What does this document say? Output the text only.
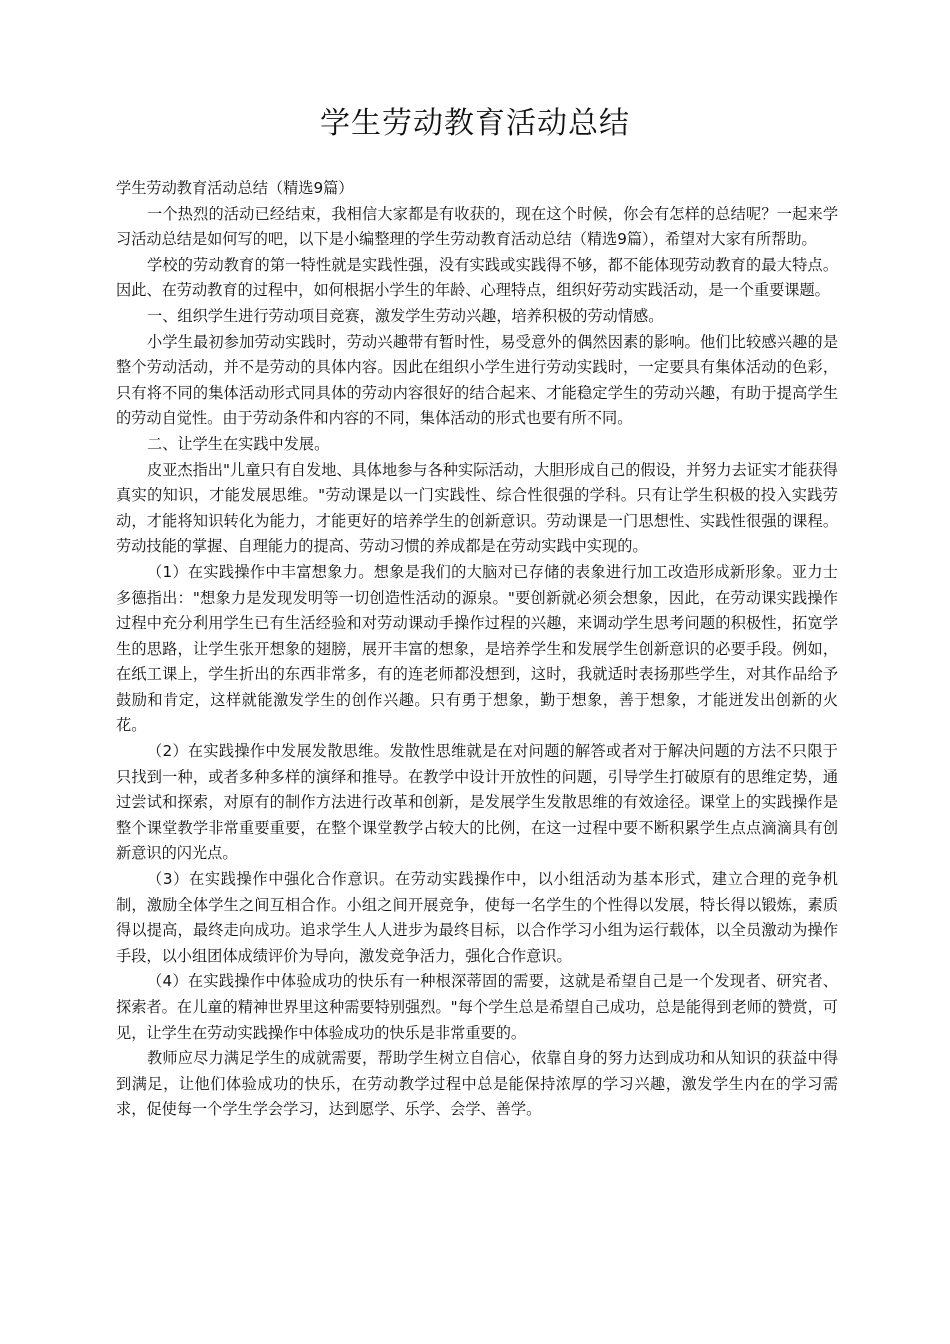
学生劳动教育活动总结

学生劳动教育活动总结（精选9篇）

一个热烈的活动已经结束，我相信大家都是有收获的，现在这个时候，你会有怎样的总结呢？一起来学习活动总结是如何写的吧，以下是小编整理的学生劳动教育活动总结（精选9篇），希望对大家有所帮助。

学校的劳动教育的第一特性就是实践性强，没有实践或实践得不够，都不能体现劳动教育的最大特点。因此、在劳动教育的过程中，如何根据小学生的年龄、心理特点，组织好劳动实践活动，是一个重要课题。

一、组织学生进行劳动项目竞赛，激发学生劳动兴趣，培养积极的劳动情感。

小学生最初参加劳动实践时，劳动兴趣带有暂时性，易受意外的偶然因素的影响。他们比较感兴趣的是整个劳动活动，并不是劳动的具体内容。因此在组织小学生进行劳动实践时，一定要具有集体活动的色彩，只有将不同的集体活动形式同具体的劳动内容很好的结合起来、才能稳定学生的劳动兴趣，有助于提高学生的劳动自觉性。由于劳动条件和内容的不同，集体活动的形式也要有所不同。

二、让学生在实践中发展。

皮亚杰指出"儿童只有自发地、具体地参与各种实际活动，大胆形成自己的假设，并努力去证实才能获得真实的知识，才能发展思维。"劳动课是以一门实践性、综合性很强的学科。只有让学生积极的投入实践劳动，才能将知识转化为能力，才能更好的培养学生的创新意识。劳动课是一门思想性、实践性很强的课程。劳动技能的掌握、自理能力的提高、劳动习惯的养成都是在劳动实践中实现的。

（1）在实践操作中丰富想象力。想象是我们的大脑对已存储的表象进行加工改造形成新形象。亚力士多德指出："想象力是发现发明等一切创造性活动的源泉。"要创新就必须会想象，因此，在劳动课实践操作过程中充分利用学生已有生活经验和对劳动课动手操作过程的兴趣，来调动学生思考问题的积极性，拓宽学生的思路，让学生张开想象的翅膀，展开丰富的想象，是培养学生和发展学生创新意识的必要手段。例如，在纸工课上，学生折出的东西非常多，有的连老师都没想到，这时，我就适时表扬那些学生，对其作品给予鼓励和肯定，这样就能激发学生的创作兴趣。只有勇于想象，勤于想象，善于想象，才能迸发出创新的火花。

（2）在实践操作中发展发散思维。发散性思维就是在对问题的解答或者对于解决问题的方法不只限于只找到一种，或者多种多样的演绎和推导。在教学中设计开放性的问题，引导学生打破原有的思维定势，通过尝试和探索，对原有的制作方法进行改革和创新，是发展学生发散思维的有效途径。课堂上的实践操作是整个课堂教学非常重要重要，在整个课堂教学占较大的比例，在这一过程中要不断积累学生点点滴滴具有创新意识的闪光点。

（3）在实践操作中强化合作意识。在劳动实践操作中，以小组活动为基本形式，建立合理的竞争机制，激励全体学生之间互相合作。小组之间开展竞争，使每一名学生的个性得以发展，特长得以锻炼，素质得以提高，最终走向成功。追求学生人人进步为最终目标，以合作学习小组为运行载体，以全员激动为操作手段，以小组团体成绩评价为导向，激发竞争活力，强化合作意识。

（4）在实践操作中体验成功的快乐有一种根深蒂固的需要，这就是希望自己是一个发现者、研究者、探索者。在儿童的精神世界里这种需要特别强烈。"每个学生总是希望自己成功，总是能得到老师的赞赏，可见，让学生在劳动实践操作中体验成功的快乐是非常重要的。

教师应尽力满足学生的成就需要，帮助学生树立自信心，依靠自身的努力达到成功和从知识的获益中得到满足，让他们体验成功的快乐，在劳动教学过程中总是能保持浓厚的学习兴趣，激发学生内在的学习需求，促使每一个学生学会学习，达到愿学、乐学、会学、善学。
